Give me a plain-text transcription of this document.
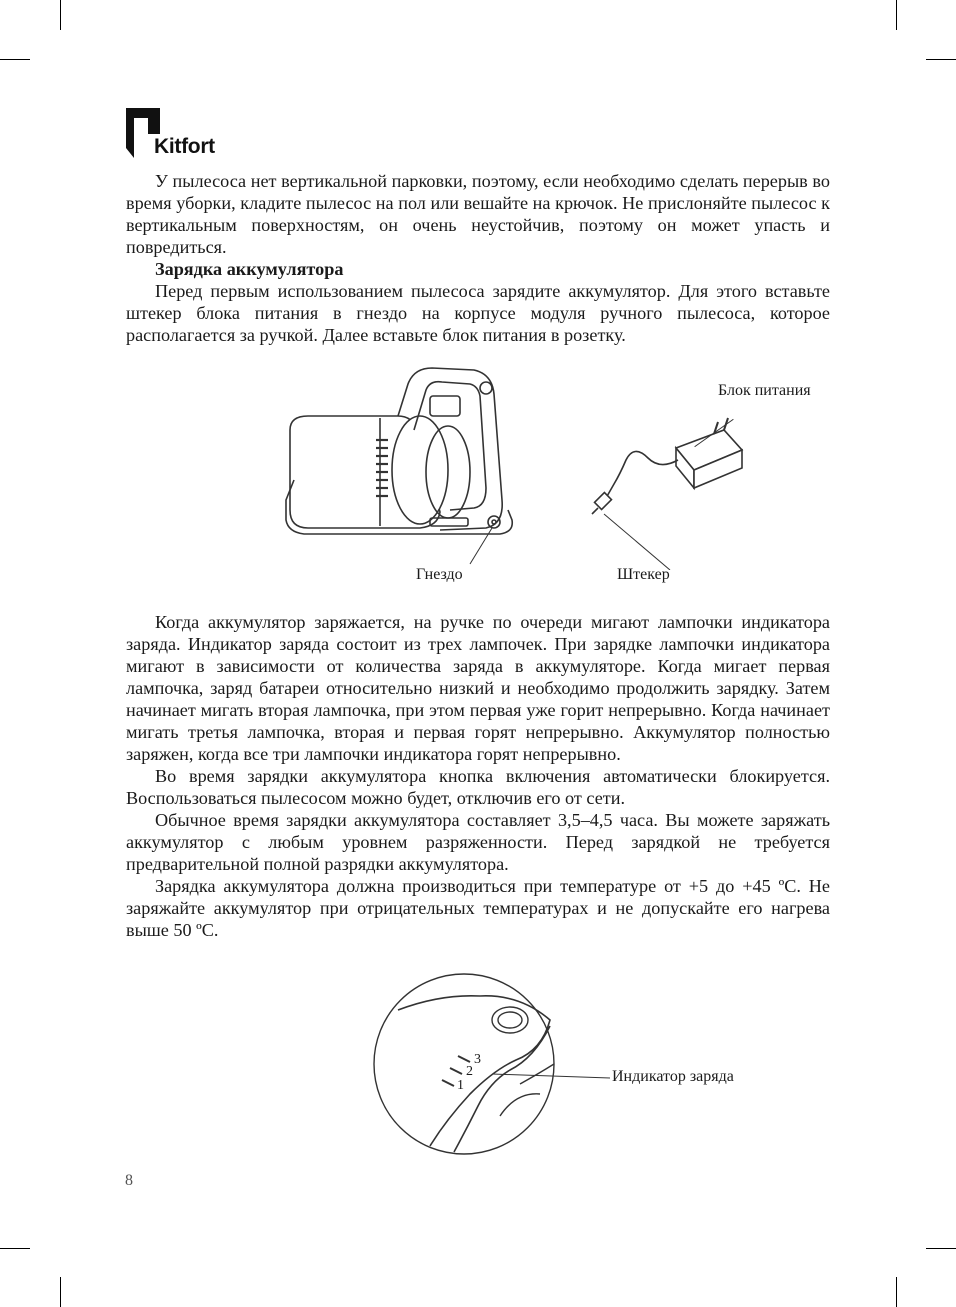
Kitfort

У пылесоса нет вертикальной парковки, поэтому, если необходимо сделать перерыв во время уборки, кладите пылесос на пол или вешайте на крючок. Не прислоняйте пылесос к вертикальным поверхностям, он очень неустойчив, поэтому он может упасть и повредиться.

Зарядка аккумулятора

Перед первым использованием пылесоса зарядите аккумулятор. Для этого вставьте штекер блока питания в гнездо на корпусе модуля ручного пылесоса, которое располагается за ручкой. Далее вставьте блок питания в розетку.

Блок питания
Гнездо	Штекер

Когда аккумулятор заряжается, на ручке по очереди мигают лампочки индикатора заряда. Индикатор заряда состоит из трех лампочек. При зарядке лампочки индикатора мигают в зависимости от количества заряда в аккумуляторе. Когда мигает первая лампочка, заряд батареи относительно низкий и необходимо продолжить зарядку. Затем начинает мигать вторая лампочка, при этом первая уже горит непрерывно. Когда начинает мигать третья лампочка, вторая и первая горят непрерывно. Аккумулятор полностью заряжен, когда все три лампочки индикатора горят непрерывно.

Во время зарядки аккумулятора кнопка включения автоматически блокируется. Воспользоваться пылесосом можно будет, отключив его от сети.

Обычное время зарядки аккумулятора составляет 3,5–4,5 часа. Вы можете заряжать аккумулятор с любым уровнем разряженности. Перед зарядкой не требуется предварительной полной разрядки аккумулятора.

Зарядка аккумулятора должна производиться при температуре от +5 до +45 ºС. Не заряжайте аккумулятор при отрицательных температурах и не допускайте его нагрева выше 50 ºС.

3
2
1
Индикатор заряда
8
